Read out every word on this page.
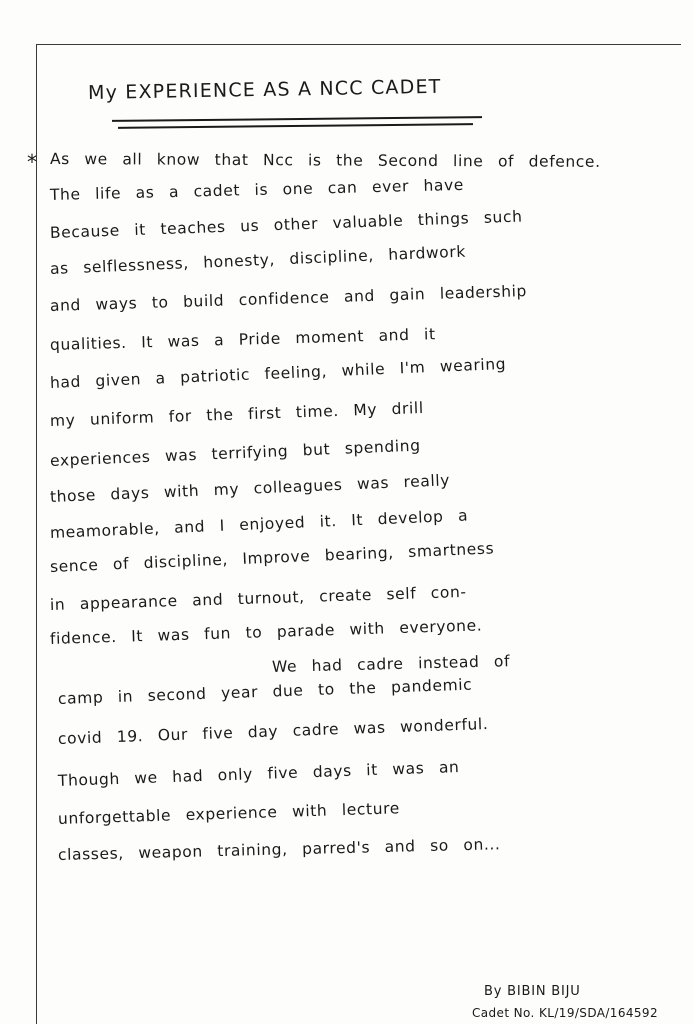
My EXPERIENCE AS A NCC CADET
* As we all know that Ncc is the Second line of defence.
The life as a cadet is one can ever have
Because it teaches us other valuable things such
as selflessness, honesty, discipline, hardwork
and ways to build confidence and gain leadership
qualities. It was a Pride moment and it
had given a patriotic feeling, while I'm wearing
my uniform for the first time. My drill
experiences was terrifying but spending
those days with my colleagues was really
meamorable, and I enjoyed it. It develop a
sence of discipline, Improve bearing, smartness
in appearance and turnout, create self con-
fidence. It was fun to parade with everyone.
We had cadre instead of
camp in second year due to the pandemic
covid 19. Our five day cadre was wonderful.
Though we had only five days it was an
unforgettable experience with lecture
classes, weapon training, parred's and so on...
By BIBIN BIJU
Cadet No. KL/19/SDA/164592
